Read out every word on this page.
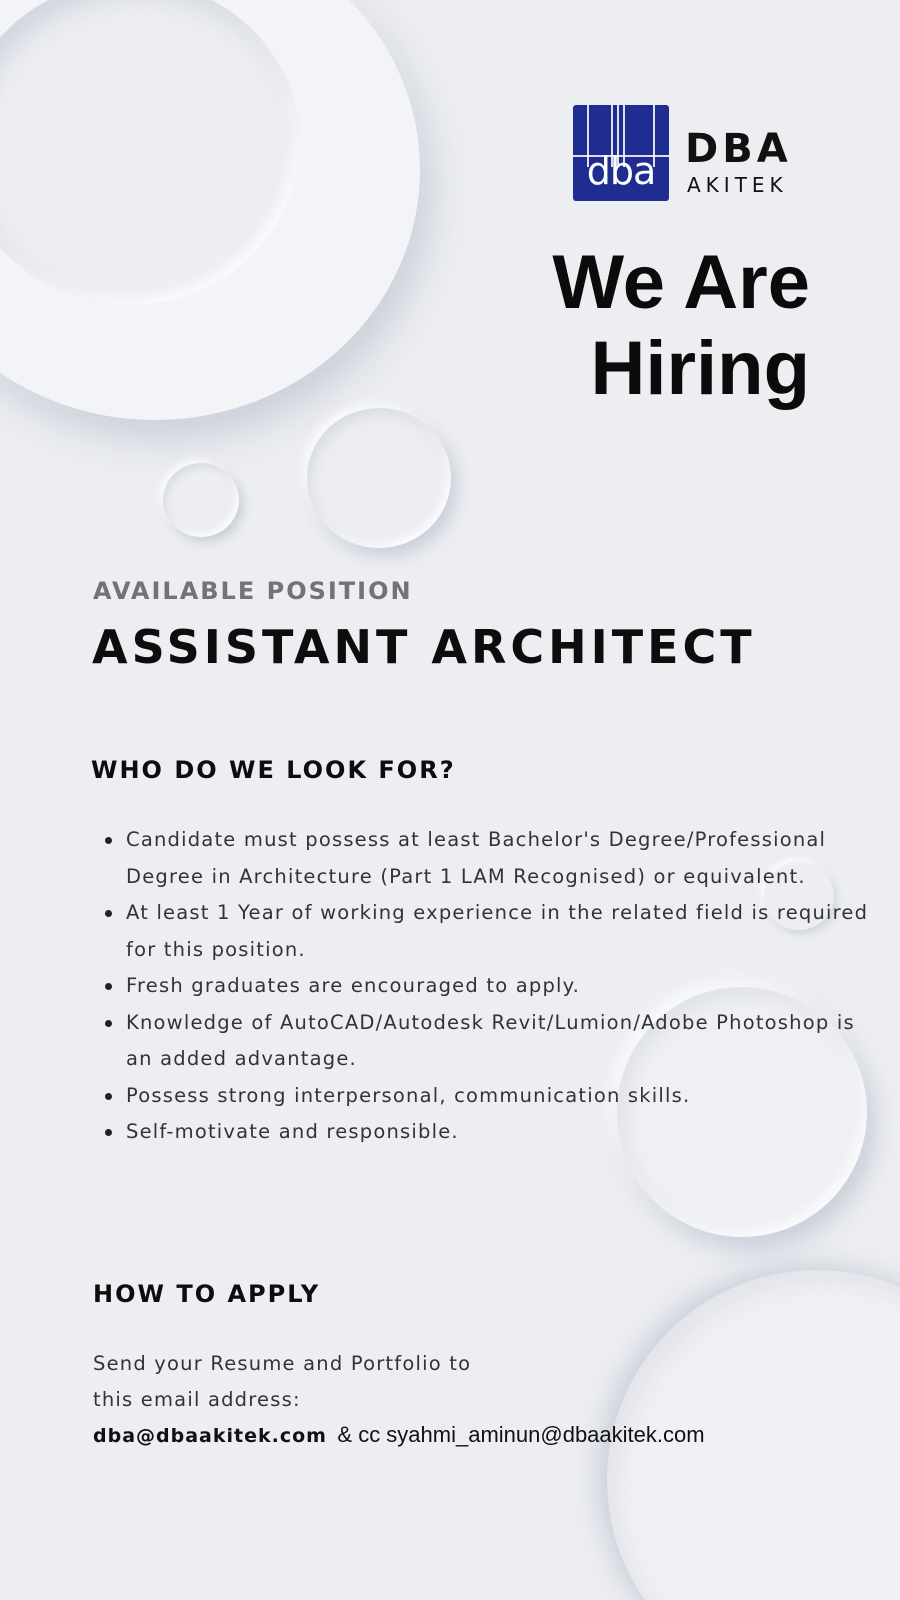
dba DBA
AKITEK
We Are
Hiring
AVAILABLE POSITION
ASSISTANT ARCHITECT
WHO DO WE LOOK FOR?
Candidate must possess at least Bachelor's Degree/Professional Degree in Architecture (Part 1 LAM Recognised) or equivalent.
At least 1 Year of working experience in the related field is required for this position.
Fresh graduates are encouraged to apply.
Knowledge of AutoCAD/Autodesk Revit/Lumion/Adobe Photoshop is an added advantage.
Possess strong interpersonal, communication skills.
Self-motivate and responsible.
HOW TO APPLY
Send your Resume and Portfolio to
this email address:
dba@dbaakitek.com & cc syahmi_aminun@dbaakitek.com
